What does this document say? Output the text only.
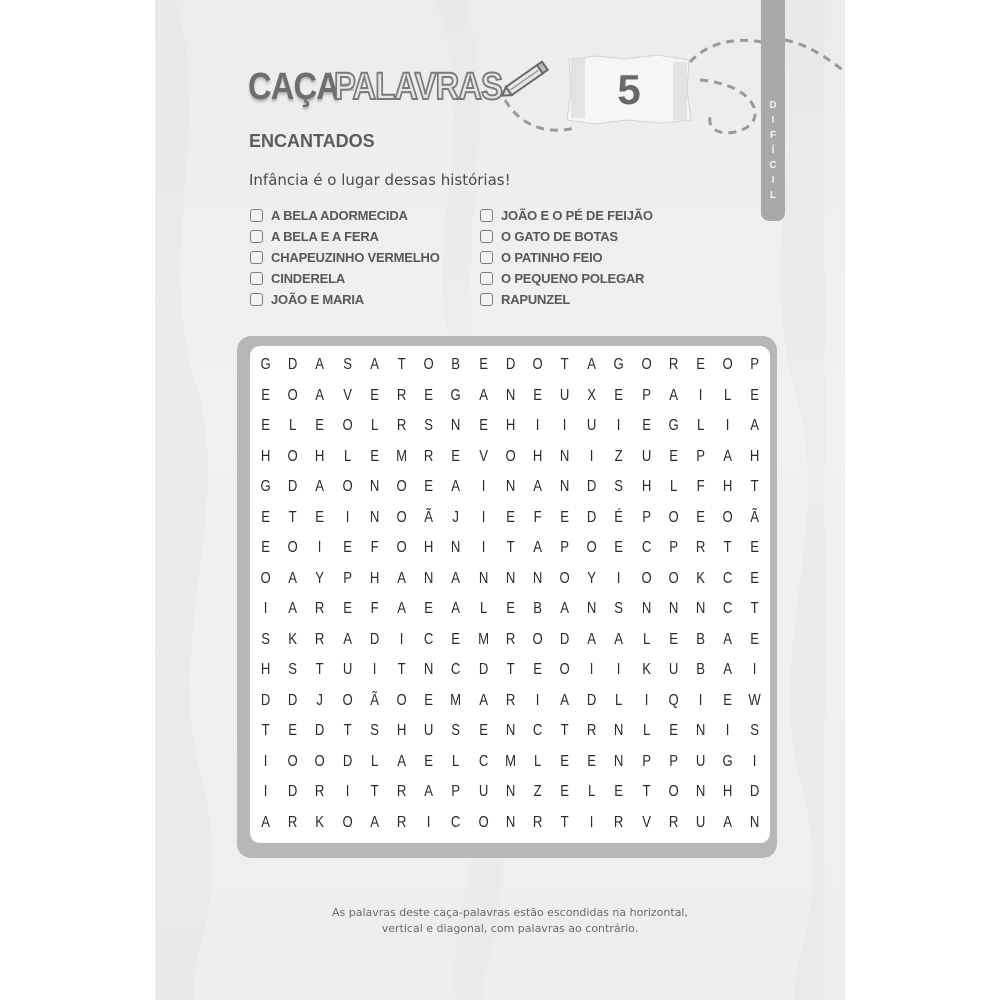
CAÇA
PALAVRAS	5	D
I
F
Í
C
I
L
ENCANTADOS
Infância é o lugar dessas histórias!
A BELA ADORMECIDA	JOÃO E O PÉ DE FEIJÃO
A BELA E A FERA	O GATO DE BOTAS
CHAPEUZINHO VERMELHO	O PATINHO FEIO
CINDERELA	O PEQUENO POLEGAR
JOÃO E MARIA	RAPUNZEL
G	D	A	S	A	T	O	B	E	D	O	T	A	G	O	R	E	O	P
E	O	A	V	E	R	E	G	A	N	E	U	X	E	P	A	I	L	E
E	L	E	O	L	R	S	N	E	H	I	I	U	I	E	G	L	I	A
H	O	H	L	E	M	R	E	V	O	H	N	I	Z	U	E	P	A	H
G	D	A	O	N	O	E	A	I	N	A	N	D	S	H	L	F	H	T
E	T	E	I	N	O	Ã	J	I	E	F	E	D	É	P	O	E	O	Ã
E	O	I	E	F	O	H	N	I	T	A	P	O	E	C	P	R	T	E
O	A	Y	P	H	A	N	A	N	N	N	O	Y	I	O	O	K	C	E
I	A	R	E	F	A	E	A	L	E	B	A	N	S	N	N	N	C	T
S	K	R	A	D	I	C	E	M	R	O	D	A	A	L	E	B	A	E
H	S	T	U	I	T	N	C	D	T	E	O	I	I	K	U	B	A	I
D	D	J	O	Ã	O	E	M	A	R	I	A	D	L	I	Q	I	E	W
T	E	D	T	S	H	U	S	E	N	C	T	R	N	L	E	N	I	S
I	O	O	D	L	A	E	L	C	M	L	E	E	N	P	P	U	G	I
I	D	R	I	T	R	A	P	U	N	Z	E	L	E	T	O	N	H	D
A	R	K	O	A	R	I	C	O	N	R	T	I	R	V	R	U	A	N
As palavras deste caça-palavras estão escondidas na horizontal,
vertical e diagonal, com palavras ao contrário.
